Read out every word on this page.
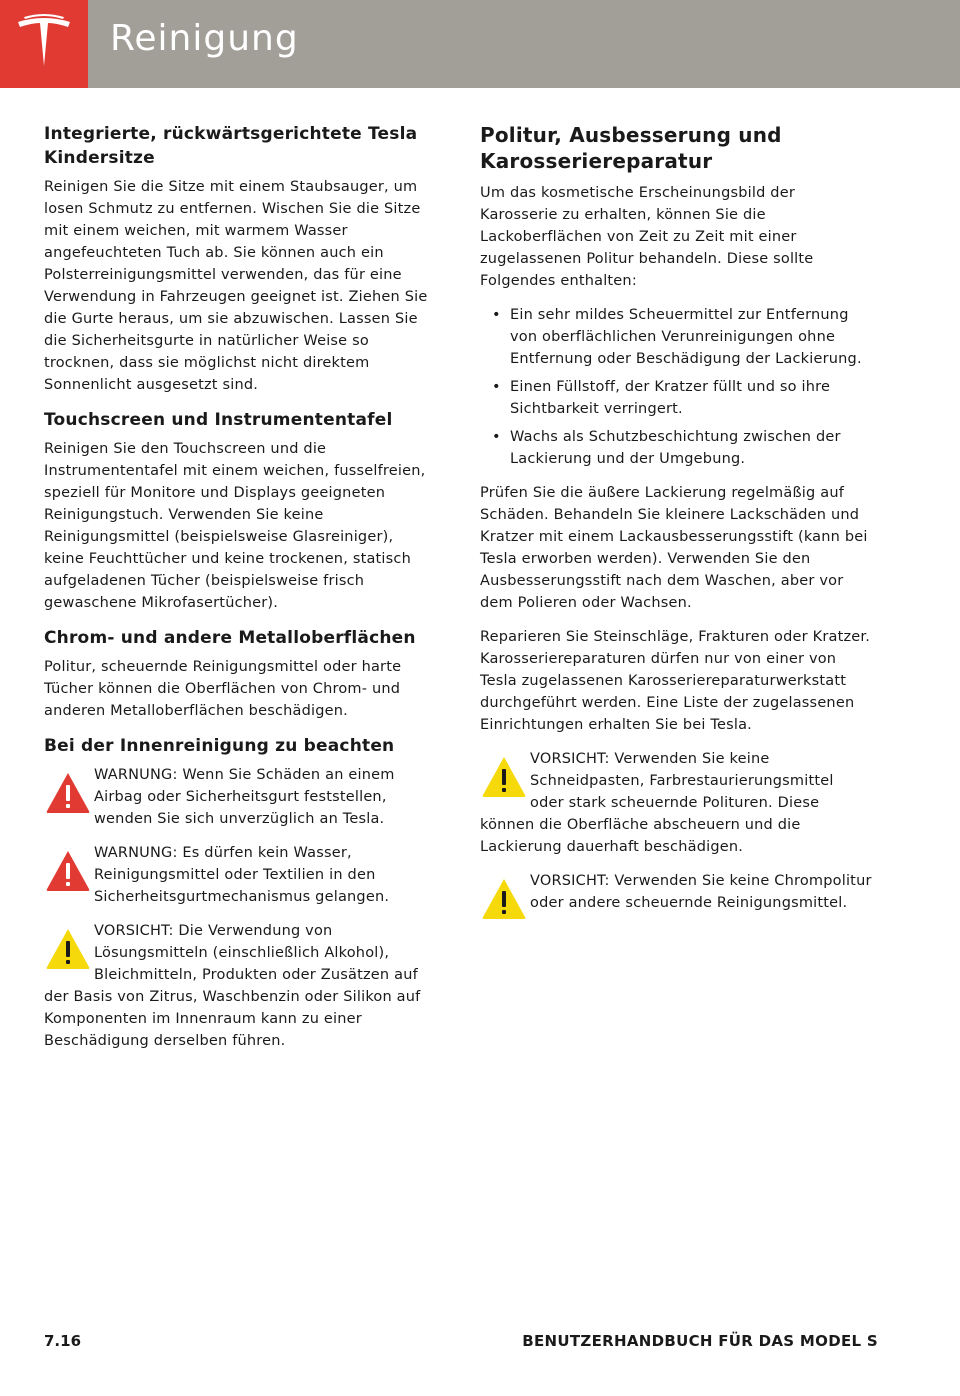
Reinigung
Integrierte, rückwärtsgerichtete Tesla Kindersitze

Reinigen Sie die Sitze mit einem Staubsauger, um losen Schmutz zu entfernen. Wischen Sie die Sitze mit einem weichen, mit warmem Wasser angefeuchteten Tuch ab. Sie können auch ein Polsterreinigungsmittel verwenden, das für eine Verwendung in Fahrzeugen geeignet ist. Ziehen Sie die Gurte heraus, um sie abzuwischen. Lassen Sie die Sicherheitsgurte in natürlicher Weise so trocknen, dass sie möglichst nicht direktem Sonnenlicht ausgesetzt sind.

Touchscreen und Instrumententafel

Reinigen Sie den Touchscreen und die Instrumententafel mit einem weichen, fusselfreien, speziell für Monitore und Displays geeigneten Reinigungstuch. Verwenden Sie keine Reinigungsmittel (beispielsweise Glasreiniger), keine Feuchttücher und keine trockenen, statisch aufgeladenen Tücher (beispielsweise frisch gewaschene Mikrofasertücher).

Chrom- und andere Metalloberflächen

Politur, scheuernde Reinigungsmittel oder harte Tücher können die Oberflächen von Chrom- und anderen Metalloberflächen beschädigen.

Bei der Innenreinigung zu beachten
WARNUNG: Wenn Sie Schäden an einem Airbag oder Sicherheitsgurt feststellen, wenden Sie sich unverzüglich an Tesla.
WARNUNG: Es dürfen kein Wasser, Reinigungsmittel oder Textilien in den Sicherheitsgurtmechanismus gelangen.
VORSICHT: Die Verwendung von Lösungsmitteln (einschließlich Alkohol), Bleichmitteln, Produkten oder Zusätzen auf der Basis von Zitrus, Waschbenzin oder Silikon auf Komponenten im Innenraum kann zu einer Beschädigung derselben führen.
Politur, Ausbesserung und Karosseriereparatur

Um das kosmetische Erscheinungsbild der Karosserie zu erhalten, können Sie die Lackoberflächen von Zeit zu Zeit mit einer zugelassenen Politur behandeln. Diese sollte Folgendes enthalten:

• Ein sehr mildes Scheuermittel zur Entfernung von oberflächlichen Verunreinigungen ohne Entfernung oder Beschädigung der Lackierung.
• Einen Füllstoff, der Kratzer füllt und so ihre Sichtbarkeit verringert.
• Wachs als Schutzbeschichtung zwischen der Lackierung und der Umgebung.

Prüfen Sie die äußere Lackierung regelmäßig auf Schäden. Behandeln Sie kleinere Lackschäden und Kratzer mit einem Lackausbesserungsstift (kann bei Tesla erworben werden). Verwenden Sie den Ausbesserungsstift nach dem Waschen, aber vor dem Polieren oder Wachsen.

Reparieren Sie Steinschläge, Frakturen oder Kratzer. Karosseriereparaturen dürfen nur von einer von Tesla zugelassenen Karosseriereparaturwerkstatt durchgeführt werden. Eine Liste der zugelassenen Einrichtungen erhalten Sie bei Tesla.

VORSICHT: Verwenden Sie keine Schneidpasten, Farbrestaurierungsmittel oder stark scheuernde Polituren. Diese können die Oberfläche abscheuern und die Lackierung dauerhaft beschädigen.
VORSICHT: Verwenden Sie keine Chrompolitur oder andere scheuernde Reinigungsmittel.
7.16	BENUTZERHANDBUCH FÜR DAS MODEL S
